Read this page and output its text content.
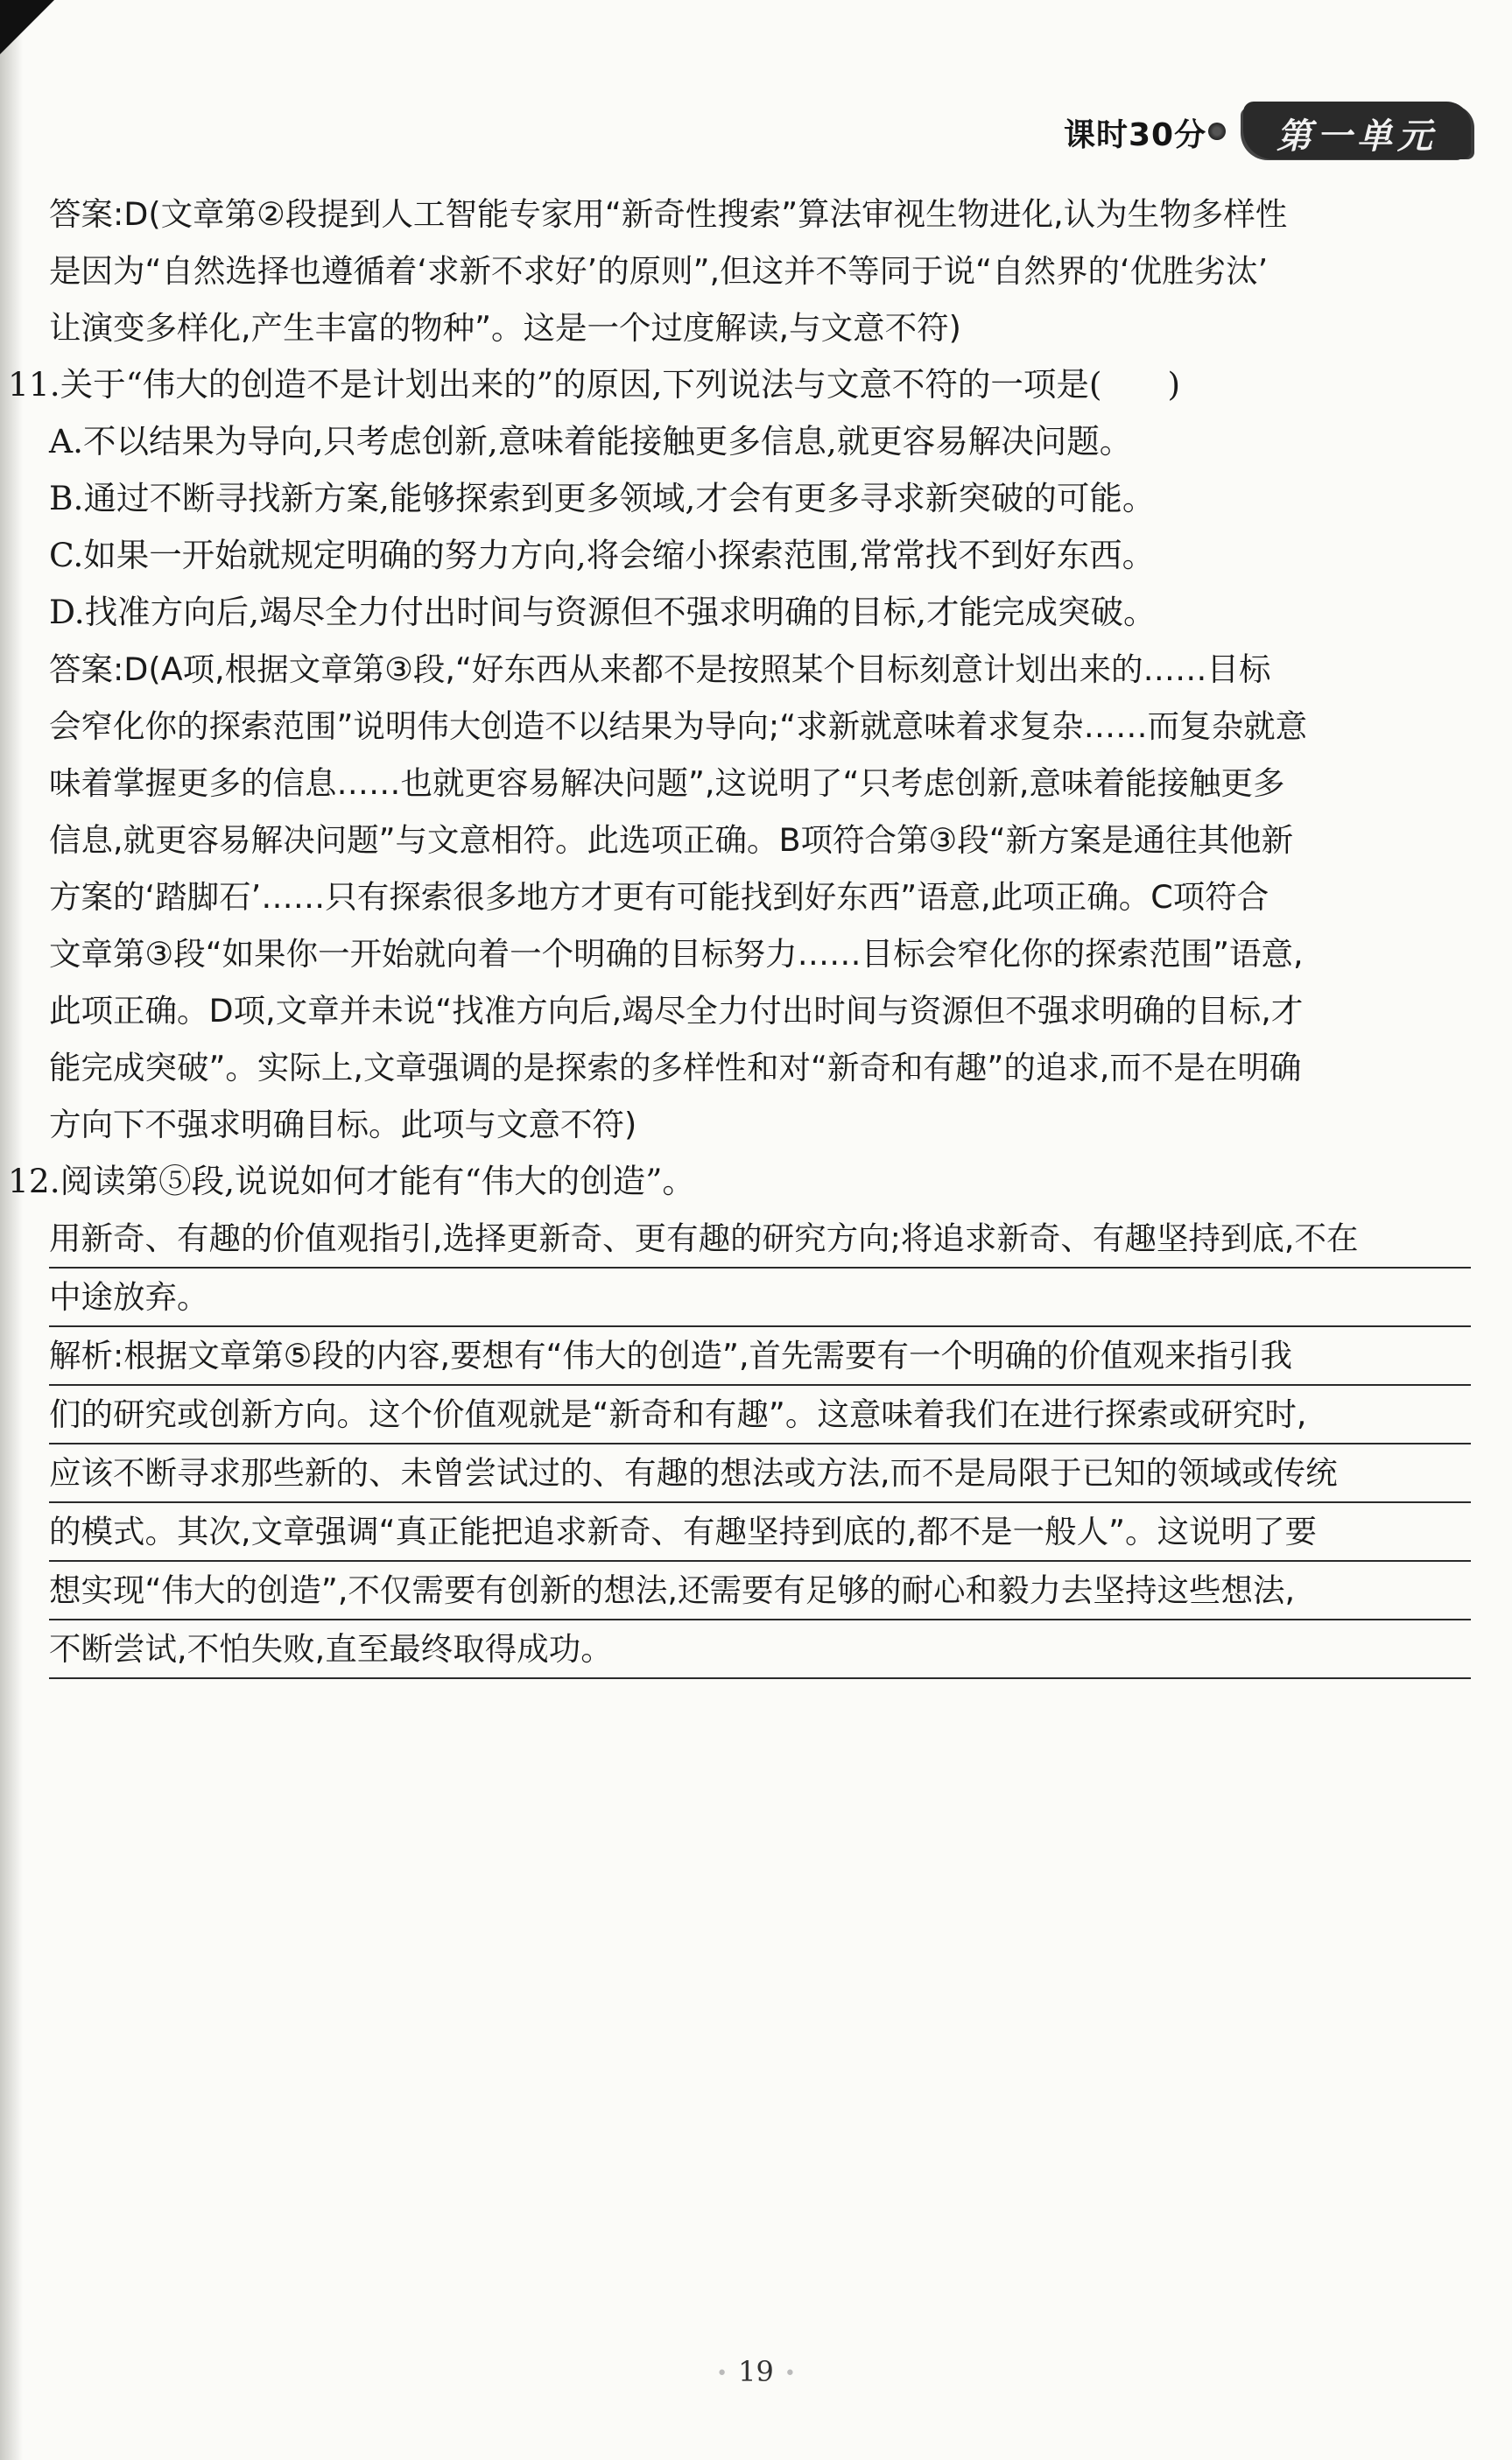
课时30分	第一单元

答案:D(文章第②段提到人工智能专家用“新奇性搜索”算法审视生物进化,认为生物多样性

是因为“自然选择也遵循着‘求新不求好’的原则”,但这并不等同于说“自然界的‘优胜劣汰’

让演变多样化,产生丰富的物种”。这是一个过度解读,与文意不符)

11.关于“伟大的创造不是计划出来的”的原因,下列说法与文意不符的一项是(　　)

A.不以结果为导向,只考虑创新,意味着能接触更多信息,就更容易解决问题。

B.通过不断寻找新方案,能够探索到更多领域,才会有更多寻求新突破的可能。

C.如果一开始就规定明确的努力方向,将会缩小探索范围,常常找不到好东西。

D.找准方向后,竭尽全力付出时间与资源但不强求明确的目标,才能完成突破。

答案:D(A项,根据文章第③段,“好东西从来都不是按照某个目标刻意计划出来的……目标

会窄化你的探索范围”说明伟大创造不以结果为导向;“求新就意味着求复杂……而复杂就意

味着掌握更多的信息……也就更容易解决问题”,这说明了“只考虑创新,意味着能接触更多

信息,就更容易解决问题”与文意相符。此选项正确。B项符合第③段“新方案是通往其他新

方案的‘踏脚石’……只有探索很多地方才更有可能找到好东西”语意,此项正确。C项符合

文章第③段“如果你一开始就向着一个明确的目标努力……目标会窄化你的探索范围”语意,

此项正确。D项,文章并未说“找准方向后,竭尽全力付出时间与资源但不强求明确的目标,才

能完成突破”。实际上,文章强调的是探索的多样性和对“新奇和有趣”的追求,而不是在明确

方向下不强求明确目标。此项与文意不符)

12.阅读第⑤段,说说如何才能有“伟大的创造”。

用新奇、有趣的价值观指引,选择更新奇、更有趣的研究方向;将追求新奇、有趣坚持到底,不在

中途放弃。

解析:根据文章第⑤段的内容,要想有“伟大的创造”,首先需要有一个明确的价值观来指引我

们的研究或创新方向。这个价值观就是“新奇和有趣”。这意味着我们在进行探索或研究时,

应该不断寻求那些新的、未曾尝试过的、有趣的想法或方法,而不是局限于已知的领域或传统

的模式。其次,文章强调“真正能把追求新奇、有趣坚持到底的,都不是一般人”。这说明了要

想实现“伟大的创造”,不仅需要有创新的想法,还需要有足够的耐心和毅力去坚持这些想法,

不断尝试,不怕失败,直至最终取得成功。

• 19 •
